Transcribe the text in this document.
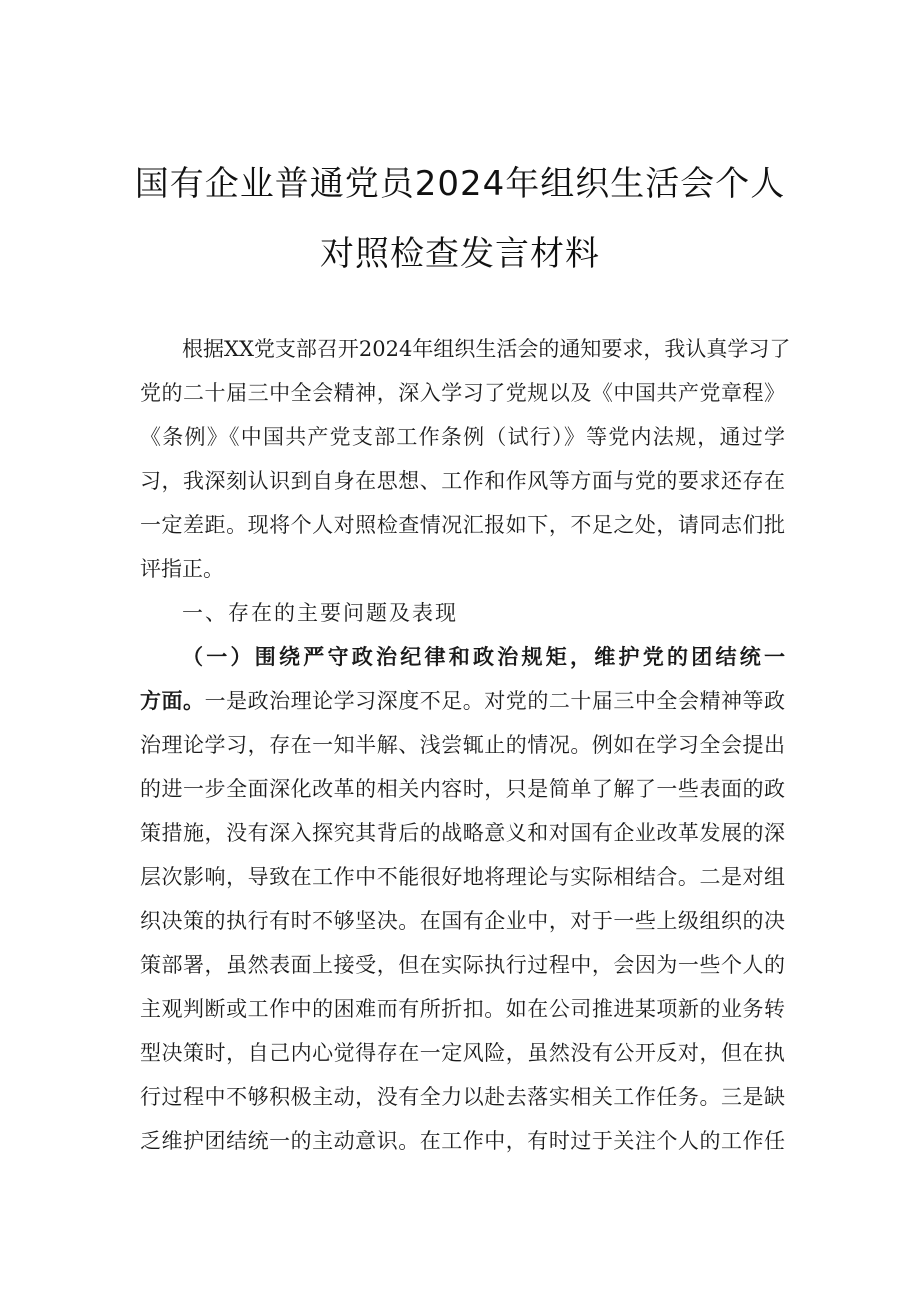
国有企业普通党员2024年组织生活会个人
对照检查发言材料
根据XX党支部召开2024年组织生活会的通知要求，我认真学习了
党的二十届三中全会精神，深入学习了党规以及《中国共产党章程》
《条例》《中国共产党支部工作条例（试行）》等党内法规，通过学
习，我深刻认识到自身在思想、工作和作风等方面与党的要求还存在
一定差距。现将个人对照检查情况汇报如下，不足之处，请同志们批
评指正。
一、存在的主要问题及表现
（一）围绕严守政治纪律和政治规矩，维护党的团结统一
方面。一是政治理论学习深度不足。对党的二十届三中全会精神等政
治理论学习，存在一知半解、浅尝辄止的情况。例如在学习全会提出
的进一步全面深化改革的相关内容时，只是简单了解了一些表面的政
策措施，没有深入探究其背后的战略意义和对国有企业改革发展的深
层次影响，导致在工作中不能很好地将理论与实际相结合。二是对组
织决策的执行有时不够坚决。在国有企业中，对于一些上级组织的决
策部署，虽然表面上接受，但在实际执行过程中，会因为一些个人的
主观判断或工作中的困难而有所折扣。如在公司推进某项新的业务转
型决策时，自己内心觉得存在一定风险，虽然没有公开反对，但在执
行过程中不够积极主动，没有全力以赴去落实相关工作任务。三是缺
乏维护团结统一的主动意识。在工作中，有时过于关注个人的工作任
